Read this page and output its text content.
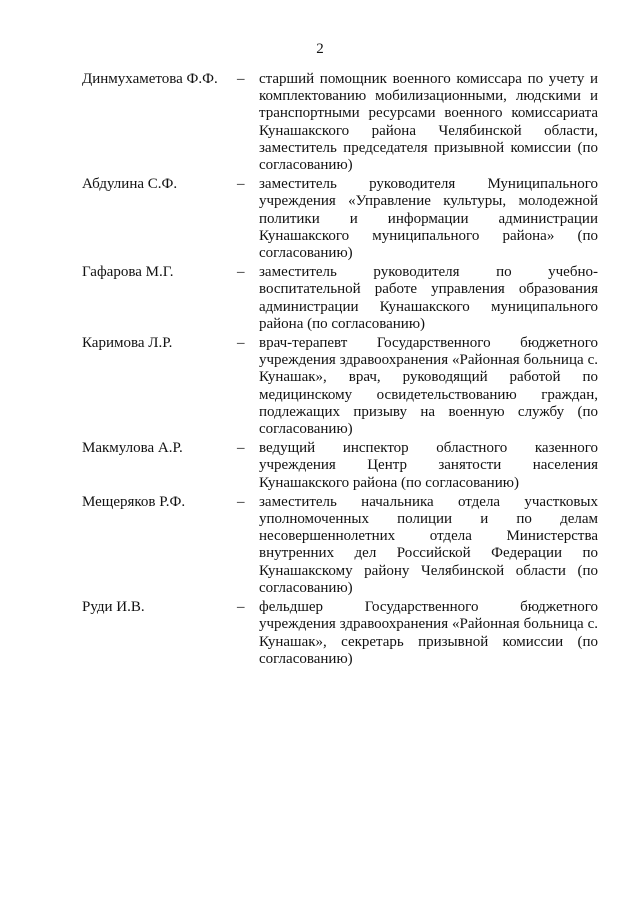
2
Динмухаметова Ф.Ф.	– старший помощник военного комиссара по учету и комплектованию мобилизационными, людскими и транспортными ресурсами военного комиссариата Кунашакского района Челябинской области, заместитель председателя призывной комиссии (по согласованию)
Абдулина С.Ф.	– заместитель руководителя Муниципального учреждения «Управление культуры, молодежной политики и информации администрации Кунашакского муниципального района» (по согласованию)
Гафарова М.Г.	– заместитель руководителя по учебно-воспитательной работе управления образования администрации Кунашакского муниципального района (по согласованию)
Каримова Л.Р.	– врач-терапевт Государственного бюджетного учреждения здравоохранения «Районная больница с. Кунашак», врач, руководящий работой по медицинскому освидетельствованию граждан, подлежащих призыву на военную службу (по согласованию)
Макмулова А.Р.	– ведущий инспектор областного казенного учреждения Центр занятости населения Кунашакского района (по согласованию)
Мещеряков Р.Ф.	– заместитель начальника отдела участковых уполномоченных полиции и по делам несовершеннолетних отдела Министерства внутренних дел Российской Федерации по Кунашакскому району Челябинской области (по согласованию)
Руди И.В.	– фельдшер Государственного бюджетного учреждения здравоохранения «Районная больница с. Кунашак», секретарь призывной комиссии (по согласованию)
